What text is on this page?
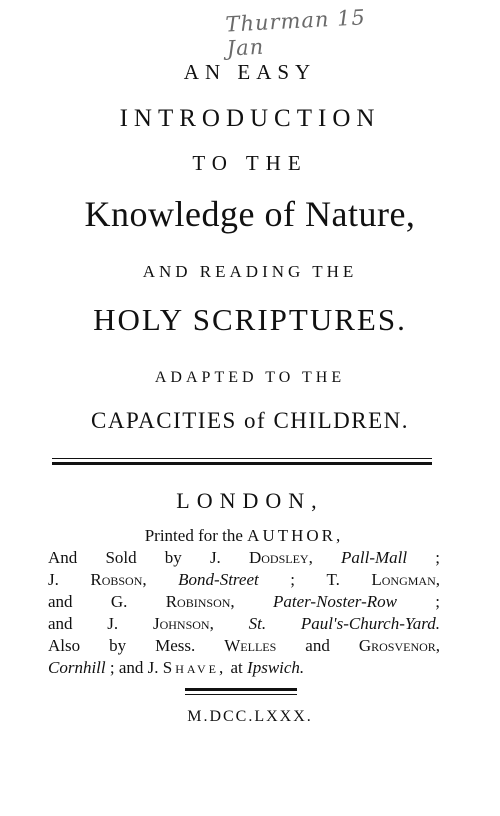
Thurman 15 Jan
AN EASY
INTRODUCTION
TO THE
Knowledge of Nature,
AND READING THE
HOLY SCRIPTURES.
ADAPTED TO THE
CAPACITIES of CHILDREN.
LONDON,
Printed for the AUTHOR,
And Sold by J. Dodsley, Pall-Mall ;
J. Robson, Bond-Street ; T. Longman,
and G. Robinson, Pater-Noster-Row ;
and J. Johnson, St. Paul's-Church-Yard.
Also by Mess. Welles and Grosvenor,
Cornhill ; and J. Shave, at Ipswich.
M.DCC.LXXX.
